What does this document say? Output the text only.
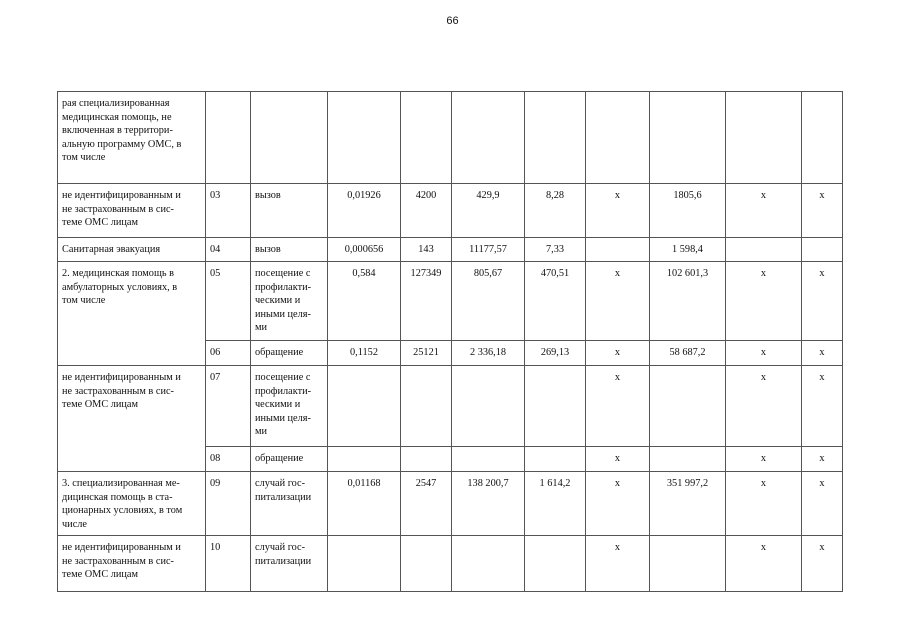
66
рая специализированная
медицинская помощь, не
включенная в территори-
альную программу ОМС, в
том числе										
не идентифицированным и
не застрахованным в сис-
теме ОМС лицам	03	вызов	0,01926	4200	429,9	8,28	х	1805,6	х	х
Санитарная эвакуация	04	вызов	0,000656	143	11177,57	7,33		1 598,4		
2. медицинская помощь в
амбулаторных условиях, в
том числе	05	посещение с
профилакти-
ческими и
иными целя-
ми	0,584	127349	805,67	470,51	х	102 601,3	х	х
	06	обращение	0,1152	25121	2 336,18	269,13	х	58 687,2	х	х
не идентифицированным и
не застрахованным в сис-
теме ОМС лицам	07	посещение с
профилакти-
ческими и
иными целя-
ми					х		х	х
	08	обращение					х		х	х
3. специализированная ме-
дицинская помощь в ста-
ционарных условиях, в том
числе	09	случай гос-
питализации	0,01168	2547	138 200,7	1 614,2	х	351 997,2	х	х
не идентифицированным и
не застрахованным в сис-
теме ОМС лицам	10	случай гос-
питализации					х		х	х
